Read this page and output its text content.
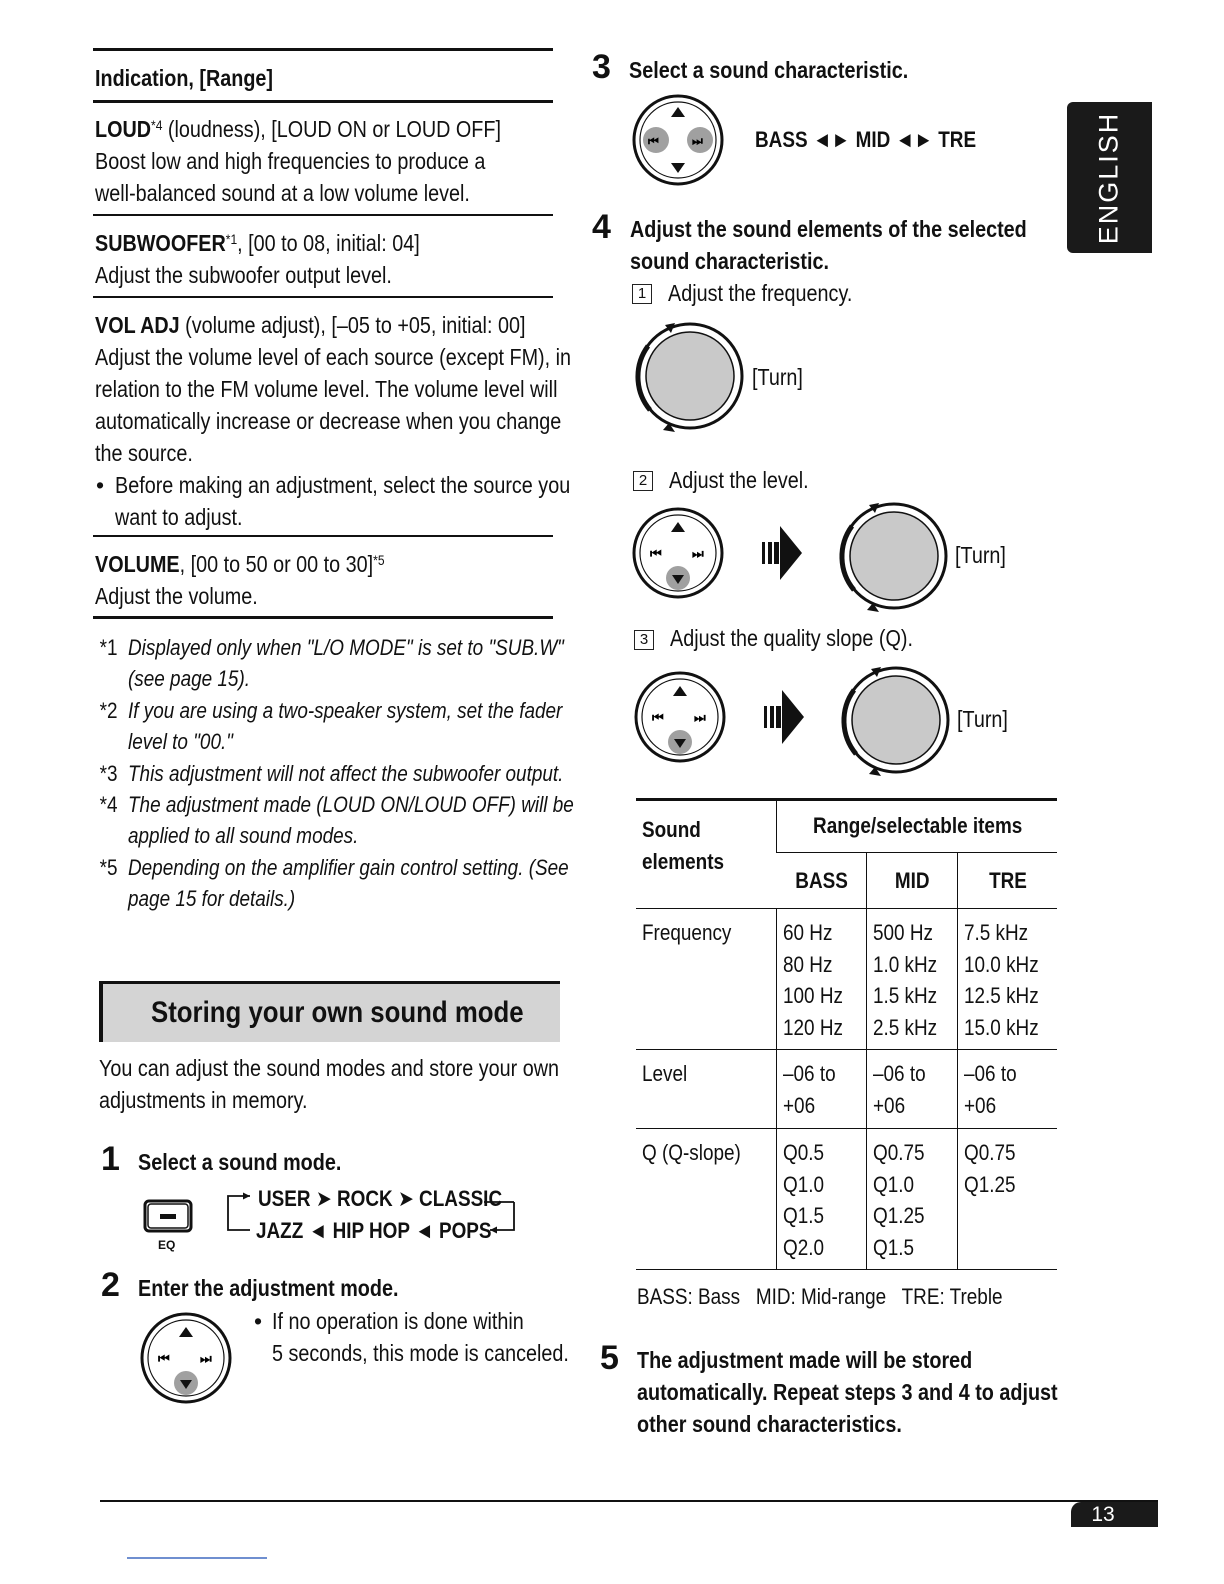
Indication, [Range]
LOUD$^{*4}$ (loudness), [LOUD ON or LOUD OFF]
Boost low and high frequencies to produce a
well-balanced sound at a low volume level.
SUBWOOFER$^{*1}$, [00 to 08, initial: 04]
Adjust the subwoofer output level.
VOL ADJ (volume adjust), [–05 to +05, initial: 00]
Adjust the volume level of each source (except FM), in
relation to the FM volume level. The volume level will
automatically increase or decrease when you change
the source.
• Before making an adjustment, select the source you
want to adjust.
VOLUME, [00 to 50 or 00 to 30]$^{*5}$
Adjust the volume.
*1 Displayed only when "L/O MODE" is set to "SUB.W"
(see page 15).
*2 If you are using a two-speaker system, set the fader
level to "00."
*3 This adjustment will not affect the subwoofer output.
*4 The adjustment made (LOUD ON/LOUD OFF) will be
applied to all sound modes.
*5 Depending on the amplifier gain control setting. (See
page 15 for details.)
Storing your own sound mode
You can adjust the sound modes and store your own
adjustments in memory.
1 Select a sound mode.
EQ
USER ➤ ROCK ➤ CLASSIC
JAZZ ◄ HIP HOP ◄ POPS
2 Enter the adjustment mode.
⏮ ⏭
• If no operation is done within
5 seconds, this mode is canceled.
3 Select a sound characteristic.
⏮	⏭ BASS ◄► MID ◄► TRE
4 Adjust the sound elements of the selected
sound characteristic.
1 Adjust the frequency.
[Turn]
2 Adjust the level.
⏮ ⏭	[Turn]
3 Adjust the quality slope (Q).
⏮ ⏭	[Turn]
Sound
elements	Range/selectable items		
	BASS	MID	TRE
Frequency	60 Hz
80 Hz
100 Hz
120 Hz	500 Hz
1.0 kHz
1.5 kHz
2.5 kHz	7.5 kHz
10.0 kHz
12.5 kHz
15.0 kHz
Level	–06 to
+06	–06 to
+06	–06 to
+06
Q (Q-slope)	Q0.5
Q1.0
Q1.5
Q2.0	Q0.75
Q1.0
Q1.25
Q1.5	Q0.75
Q1.25
BASS: Bass   MID: Mid-range   TRE: Treble
5 The adjustment made will be stored
automatically. Repeat steps 3 and 4 to adjust
other sound characteristics.
ENGLISH
13
